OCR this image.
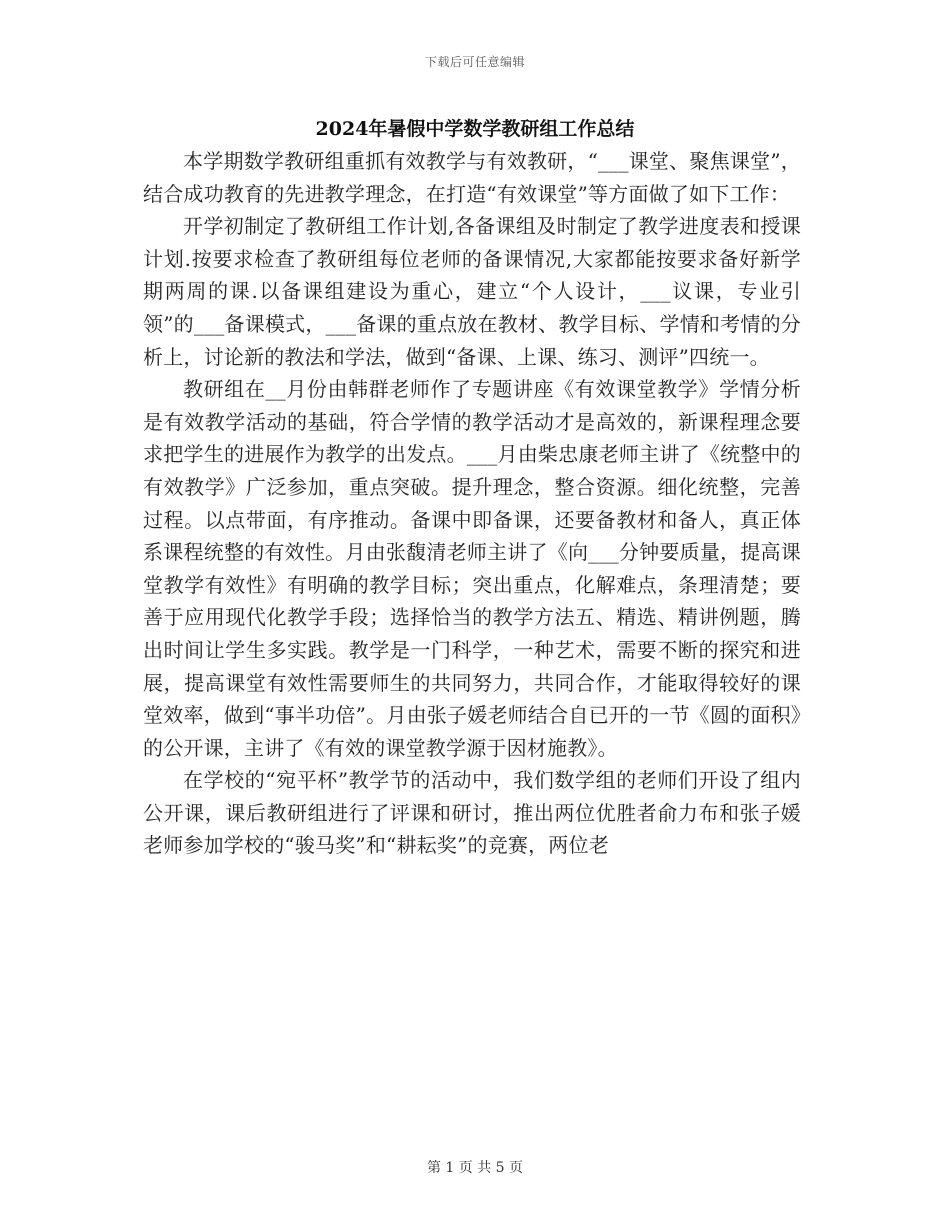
下载后可任意编辑
2024年暑假中学数学教研组工作总结

本学期数学教研组重抓有效教学与有效教研，“___课堂、聚焦课堂”，结合成功教育的先进教学理念，在打造“有效课堂”等方面做了如下工作：

开学初制定了教研组工作计划,各备课组及时制定了教学进度表和授课计划.按要求检查了教研组每位老师的备课情况,大家都能按要求备好新学期两周的课.以备课组建设为重心，建立“个人设计，___议课，专业引领”的___备课模式，___备课的重点放在教材、教学目标、学情和考情的分析上，讨论新的教法和学法，做到“备课、上课、练习、测评”四统一。

教研组在__月份由韩群老师作了专题讲座《有效课堂教学》学情分析是有效教学活动的基础，符合学情的教学活动才是高效的，新课程理念要求把学生的进展作为教学的出发点。___月由柴忠康老师主讲了《统整中的有效教学》广泛参加，重点突破。提升理念，整合资源。细化统整，完善过程。以点带面，有序推动。备课中即备课，还要备教材和备人，真正体系课程统整的有效性。月由张馥清老师主讲了《向___分钟要质量，提高课堂教学有效性》有明确的教学目标；突出重点，化解难点，条理清楚；要善于应用现代化教学手段；选择恰当的教学方法五、精选、精讲例题，腾出时间让学生多实践。教学是一门科学，一种艺术，需要不断的探究和进展，提高课堂有效性需要师生的共同努力，共同合作，才能取得较好的课堂效率，做到“事半功倍”。月由张子媛老师结合自已开的一节《圆的面积》的公开课，主讲了《有效的课堂教学源于因材施教》。

在学校的“宛平杯”教学节的活动中，我们数学组的老师们开设了组内公开课，课后教研组进行了评课和研讨，推出两位优胜者俞力布和张子媛老师参加学校的“骏马奖”和“耕耘奖”的竞赛，两位老

第 1 页 共 5 页
